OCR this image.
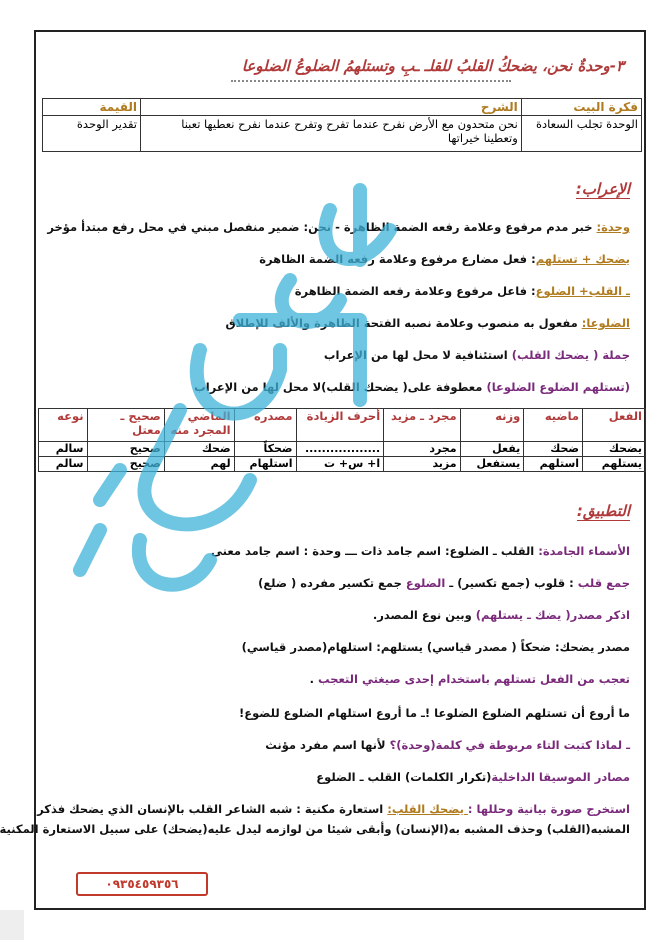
٣-وحدةٌ نحن، يضحكُ القلبُ للقلـ ـبِ وتستلهمُ الضلوعُ الضلوعا
فكرة البيت	الشرح	القيمة
الوحدة تجلب السعادة	نحن متحدون مع الأرض نفرح عندما تفرح وتفرح عندما نفرح نعطيها تعبنا وتعطينا خيراتها	تقدير الوحدة
الإعراب:
وحدة: خبر مدم مرفوع وعلامة رفعه الضمة الظاهرة - نحن: ضمير منفصل مبني في محل رفع مبتدأ مؤخر
يضحك + تستلهم: فعل مضارع مرفوع وعلامة رفعه الضمة الظاهرة
ـ القلب+ الضلوع: فاعل مرفوع وعلامة رفعه الضمة الظاهرة
الضلوعا: مفعول به منصوب وعلامة نصبه الفتحة الظاهرة والألف للإطلاق
جملة ( يضحك القلب) استئنافية لا محل لها من الإعراب
(تستلهم الضلوع الضلوعا) معطوفة على( يضحك القلب)لا محل لها من الإعراب
الفعل	ماضيه	وزنه	مجرد ـ مزيد	أحرف الزيادة	مصدره	الماضي المجرد منه	صحيح ـ معتل	نوعه
يضحك	ضحك	يفعل	مجرد	..................	ضحكاً	ضحك	صحيح	سالم
يستلهم	استلهم	يستفعل	مزيد	ا+ س+ ت	استلهام	لهم	صحيح	سالم
التطبيق:
الأسماء الجامدة: القلب ـ الضلوع: اسم جامد ذات ـــ وحدة : اسم جامد معنى
جمع قلب : قلوب (جمع تكسير) ـ الضلوع جمع تكسير مفرده ( ضلع)
اذكر مصدر( يضك ـ يستلهم) وبين نوع المصدر.
مصدر يضحك: ضحكاً ( مصدر قياسي) يستلهم: استلهام(مصدر قياسي)
تعجب من الفعل تستلهم باستخدام إحدى صيغتي التعجب .
ما أروع أن تستلهم الضلوع الضلوعا !ـ ما أروع استلهام الضلوع للضوع!
ـ لماذا كتبت التاء مربوطة في كلمة(وحدة)؟ لأنها اسم مفرد مؤنث
مصادر الموسيقا الداخلية(تكرار الكلمات) القلب ـ الضلوع
استخرج صورة بيانية وحللها : يضحك القلب: استعارة مكنية : شبه الشاعر القلب بالإنسان الذي يضحك فذكر
المشبه(القلب) وحذف المشبه به(الإنسان) وأبقى شيئا من لوازمه ليدل عليه(يضحك) على سبيل الاستعارة المكنية
٠٩٣٥٤٥٩٣٥٦
